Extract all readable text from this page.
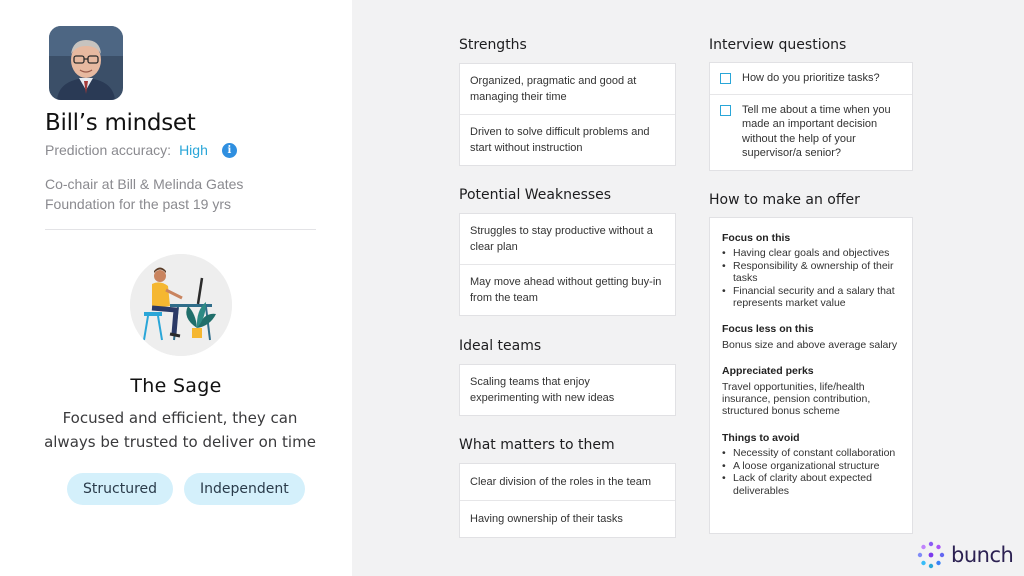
Bill’s mindset
Prediction accuracy: High	i
Co-chair at Bill & Melinda Gates
Foundation for the past 19 yrs
The Sage
Focused and efficient, they can
always be trusted to deliver on time
Structured	Independent
Strengths
Organized, pragmatic and good at managing their time
Driven to solve difficult problems and start without instruction
Potential Weaknesses
Struggles to stay productive without a clear plan
May move ahead without getting buy-in from the team
Ideal teams
Scaling teams that enjoy experimenting with new ideas
What matters to them
Clear division of the roles in the team
Having ownership of their tasks
Interview questions
How do you prioritize tasks?
Tell me about a time when you made an important decision without the help of your supervisor/a senior?
How to make an offer
Focus on this
• Having clear goals and objectives
• Responsibility & ownership of their tasks
• Financial security and a salary that represents market value
Focus less on this

Bonus size and above average salary

Appreciated perks

Travel opportunities, life/health insurance, pension contribution, structured bonus scheme

Things to avoid
• Necessity of constant collaboration
• A loose organizational structure
• Lack of clarity about expected deliverables
bunch
